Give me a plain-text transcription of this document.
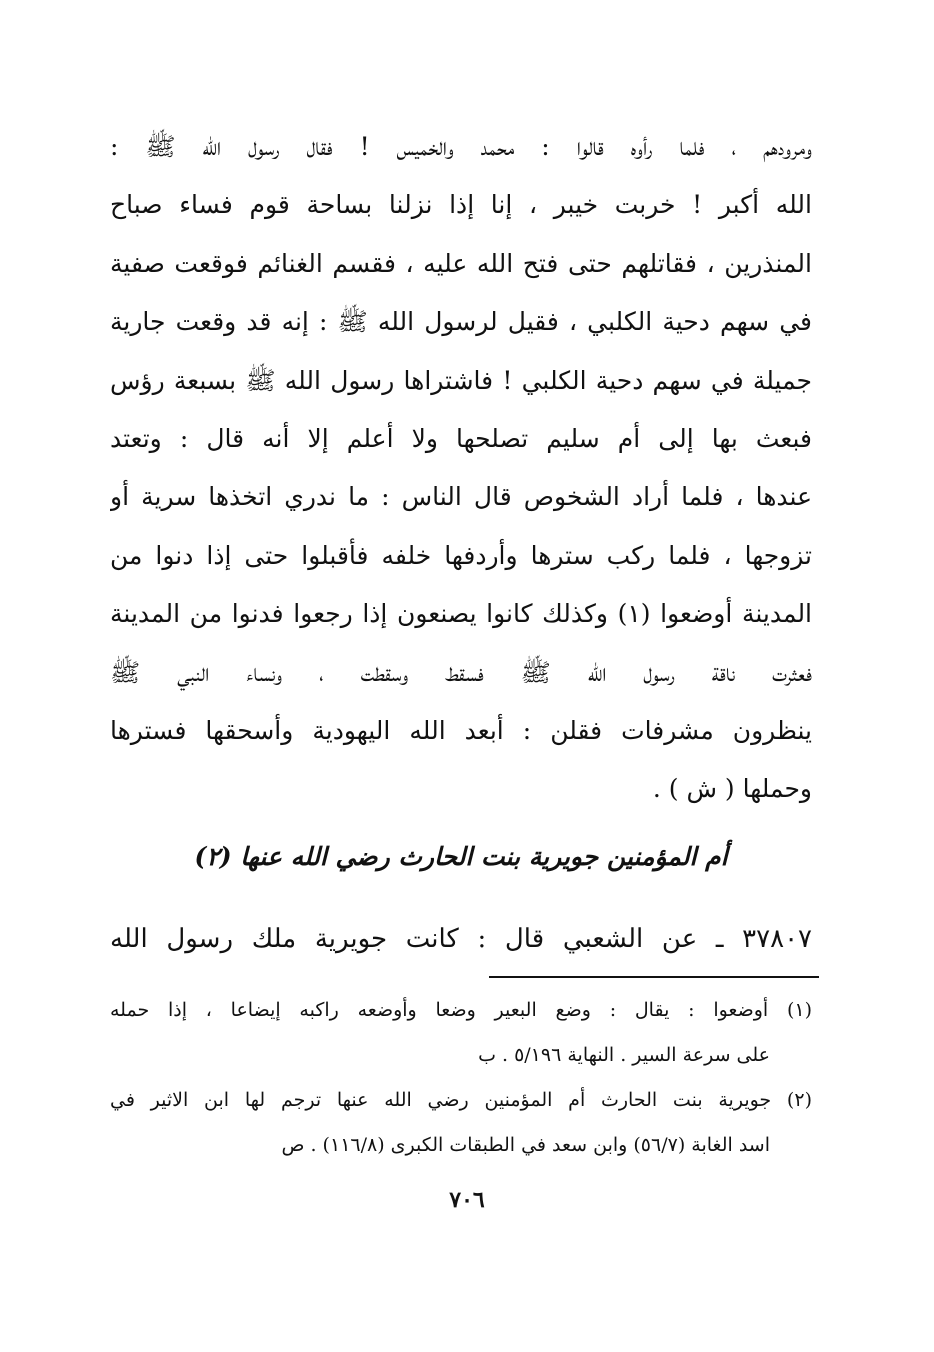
ومرودهم ، فلما رأوه قالوا : محمد والخميس ! فقال رسول الله ﷺ :
الله أكبر ! خربت خيبر ، إنا إذا نزلنا بساحة قوم فساء صباح
المنذرين ، فقاتلهم حتى فتح الله عليه ، فقسم الغنائم فوقعت صفية
في سهم دحية الكلبي ، فقيل لرسول الله ﷺ : إنه قد وقعت جارية
جميلة في سهم دحية الكلبي ! فاشتراها رسول الله ﷺ بسبعة رؤس
فبعث بها إلى أم سليم تصلحها ولا أعلم إلا أنه قال : وتعتد
عندها ، فلما أراد الشخوص قال الناس : ما ندري اتخذها سرية أو
تزوجها ، فلما ركب سترها وأردفها خلفه فأقبلوا حتى إذا دنوا من
المدينة أوضعوا (١) وكذلك كانوا يصنعون إذا رجعوا فدنوا من المدينة
فعثرت ناقة رسول الله ﷺ فسقط وسقطت ، ونساء النبي ﷺ
ينظرون مشرفات فقلن : أبعد الله اليهودية وأسحقها فسترها
وحملها ( ش ) .
أم المؤمنين جويرية بنت الحارث رضي الله عنها (٢)
٣٧٨٠٧ ـ عن الشعبي قال : كانت جويرية ملك رسول الله
(١) أوضعوا : يقال : وضع البعير وضعا وأوضعه راكبه إيضاعا ، إذا حمله
على سرعة السير . النهاية ٥/١٩٦ . ب
(٢) جويرية بنت الحارث أم المؤمنين رضي الله عنها ترجم لها ابن الاثير في
اسد الغابة (٥٦/٧) وابن سعد في الطبقات الكبرى (١١٦/٨) . ص
٧٠٦
